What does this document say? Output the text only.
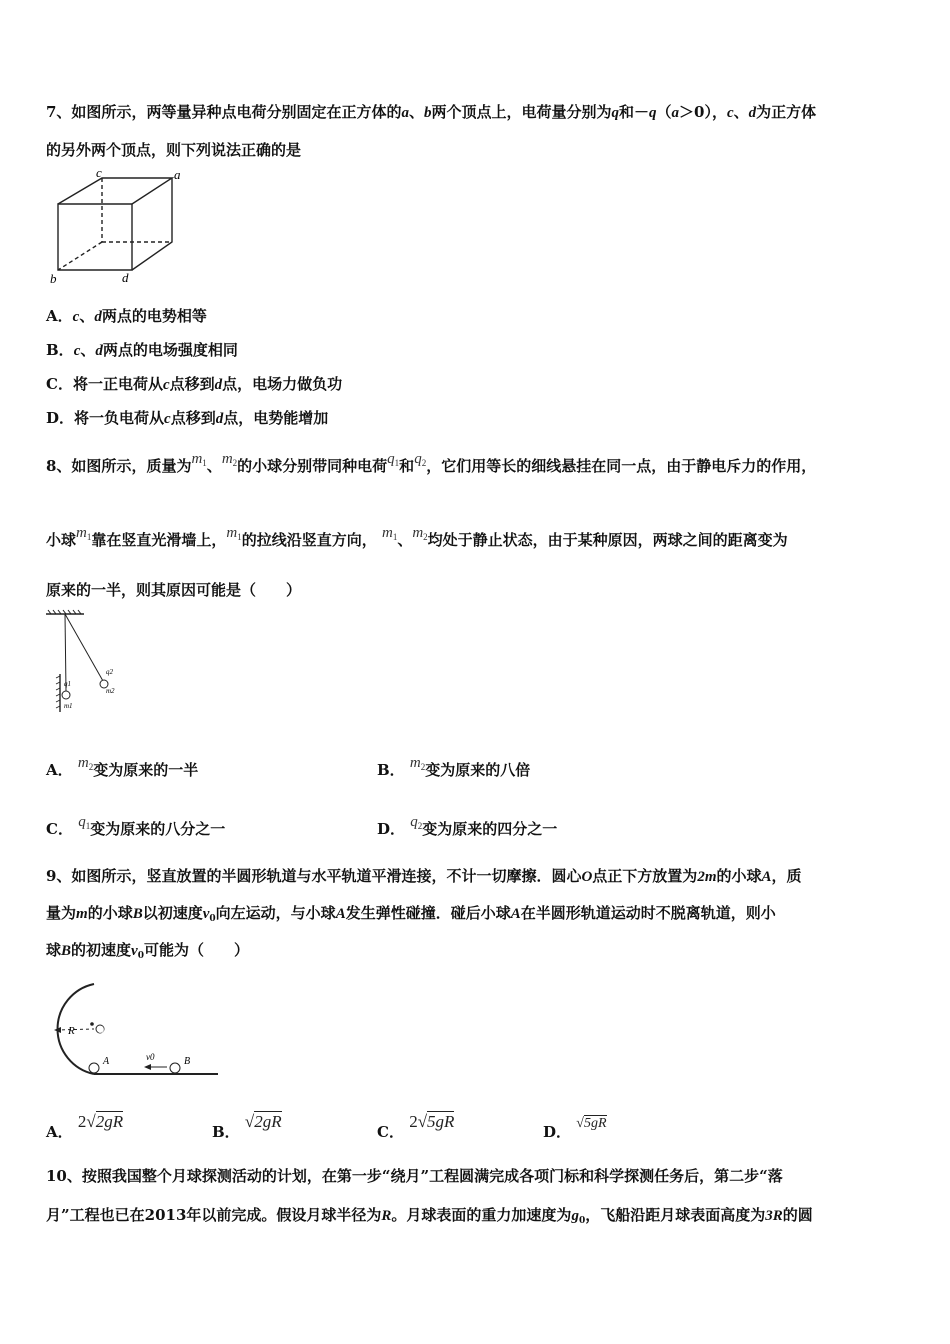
7、如图所示，两等量异种点电荷分别固定在正方体的a、b两个顶点上，电荷量分别为q和－q（a＞0），c、d为正方体
的另外两个顶点，则下列说法正确的是
c	a
b	d
A．c、d两点的电势相等
B．c、d两点的电场强度相同
C．将一正电荷从c点移到d点，电场力做负功
D．将一负电荷从c点移到d点，电势能增加
8、如图所示，质量为$m_1$、$m_2$的小球分别带同种电荷$q_1$和$q_2$，它们用等长的细线悬挂在同一点，由于静电斥力的作用，
小球$m_1$靠在竖直光滑墙上，$m_1$的拉线沿竖直方向， $m_1$、$m_2$均处于静止状态，由于某种原因，两球之间的距离变为
原来的一半，则其原因可能是（　　）
q1
m1
q2
m2
A． $m_2$变为原来的一半	B． $m_2$变为原来的八倍
C． $q_1$变为原来的八分之一	D． $q_2$变为原来的四分之一
9、如图所示，竖直放置的半圆形轨道与水平轨道平滑连接，不计一切摩擦．圆心O点正下方放置为2m的小球A，质
量为m的小球B以初速度$v_0$向左运动，与小球A发生弹性碰撞．碰后小球A在半圆形轨道运动时不脱离轨道，则小
球B的初速度$v_0$可能为（　　）
R O
A	v0	B
A． 2√2gR
B． √2gR
C． 2√5gR
D． √5gR
10、按照我国整个月球探测活动的计划，在第一步“绕月”工程圆满完成各项门标和科学探测任务后，第二步“落
月”工程也已在2013年以前完成。假设月球半径为R。月球表面的重力加速度为$g_0$，飞船沿距月球表面高度为3R的圆
